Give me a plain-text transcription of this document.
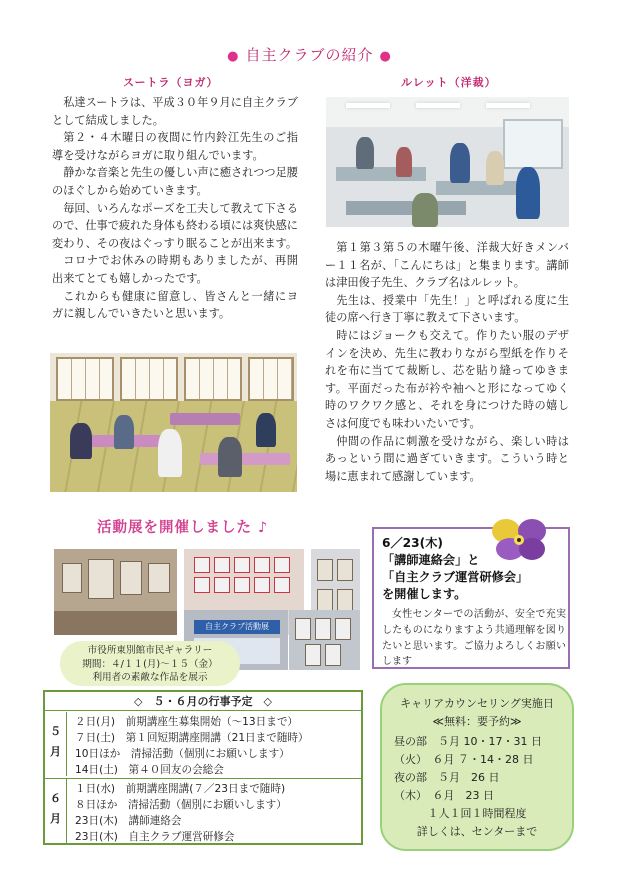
● 自主クラブの紹介 ●
スートラ（ヨガ）

私達スートラは、平成３０年９月に自主クラブとして結成しました。

第２・４木曜日の夜間に竹内鈴江先生のご指導を受けながらヨガに取り組んでいます。

静かな音楽と先生の優しい声に癒されつつ足腰のほぐしから始めていきます。

毎回、いろんなポーズを工夫して教えて下さるので、仕事で疲れた身体も終わる頃には爽快感に変わり、その夜はぐっすり眠ることが出来ます。

コロナでお休みの時期もありましたが、再開出来てとても嬉しかったです。

これからも健康に留意し、皆さんと一緒にヨガに親しんでいきたいと思います。

ルレット（洋裁）

第１第３第５の木曜午後、洋裁大好きメンバー１１名が、「こんにちは」と集まります。講師は津田俊子先生、クラブ名はルレット。

先生は、授業中「先生！」と呼ばれる度に生徒の席へ行き丁寧に教えて下さいます。

時にはジョークも交えて。作りたい服のデザインを決め、先生に教わりながら型紙を作りそれを布に当てて裁断し、芯を貼り縫ってゆきます。平面だった布が衿や袖へと形になってゆく時のワクワク感と、それを身につけた時の嬉しさは何度でも味わいたいです。

仲間の作品に刺激を受けながら、楽しい時はあっという間に過ぎていきます。こういう時と場に恵まれて感謝しています。

活動展を開催しました ♪
自主クラブ活動展
市役所東別館市民ギャラリー
期間：４/１１(月)～１５（金）
利用者の素敵な作品を展示
6／23(木)
「講師連絡会」と
「自主クラブ運営研修会」
を開催します。

女性センターでの活動が、安全で充実したものになりますよう共通理解を図りたいと思います。ご協力よろしくお願いします

◇　５・６月の行事予定　◇
５月
２日(月)　前期講座生募集開始（～13日まで）
７日(土)　第１回短期講座開講（21日まで随時）
10日ほか　清掃活動（個別にお願いします）
14日(土)　第４０回友の会総会
６月
１日(水)　前期講座開講(７／23日まで随時)
８日ほか　清掃活動（個別にお願いします）
23日(木)　講師連絡会
23日(木)　自主クラブ運営研修会
キャリアカウンセリング実施日
≪無料：要予約≫
昼の部　５月 10・17・31 日
（火）　６月 ７・14・28 日
夜の部　５月　26 日
（木）　６月　23 日
１人１回１時間程度
詳しくは、センターまで
